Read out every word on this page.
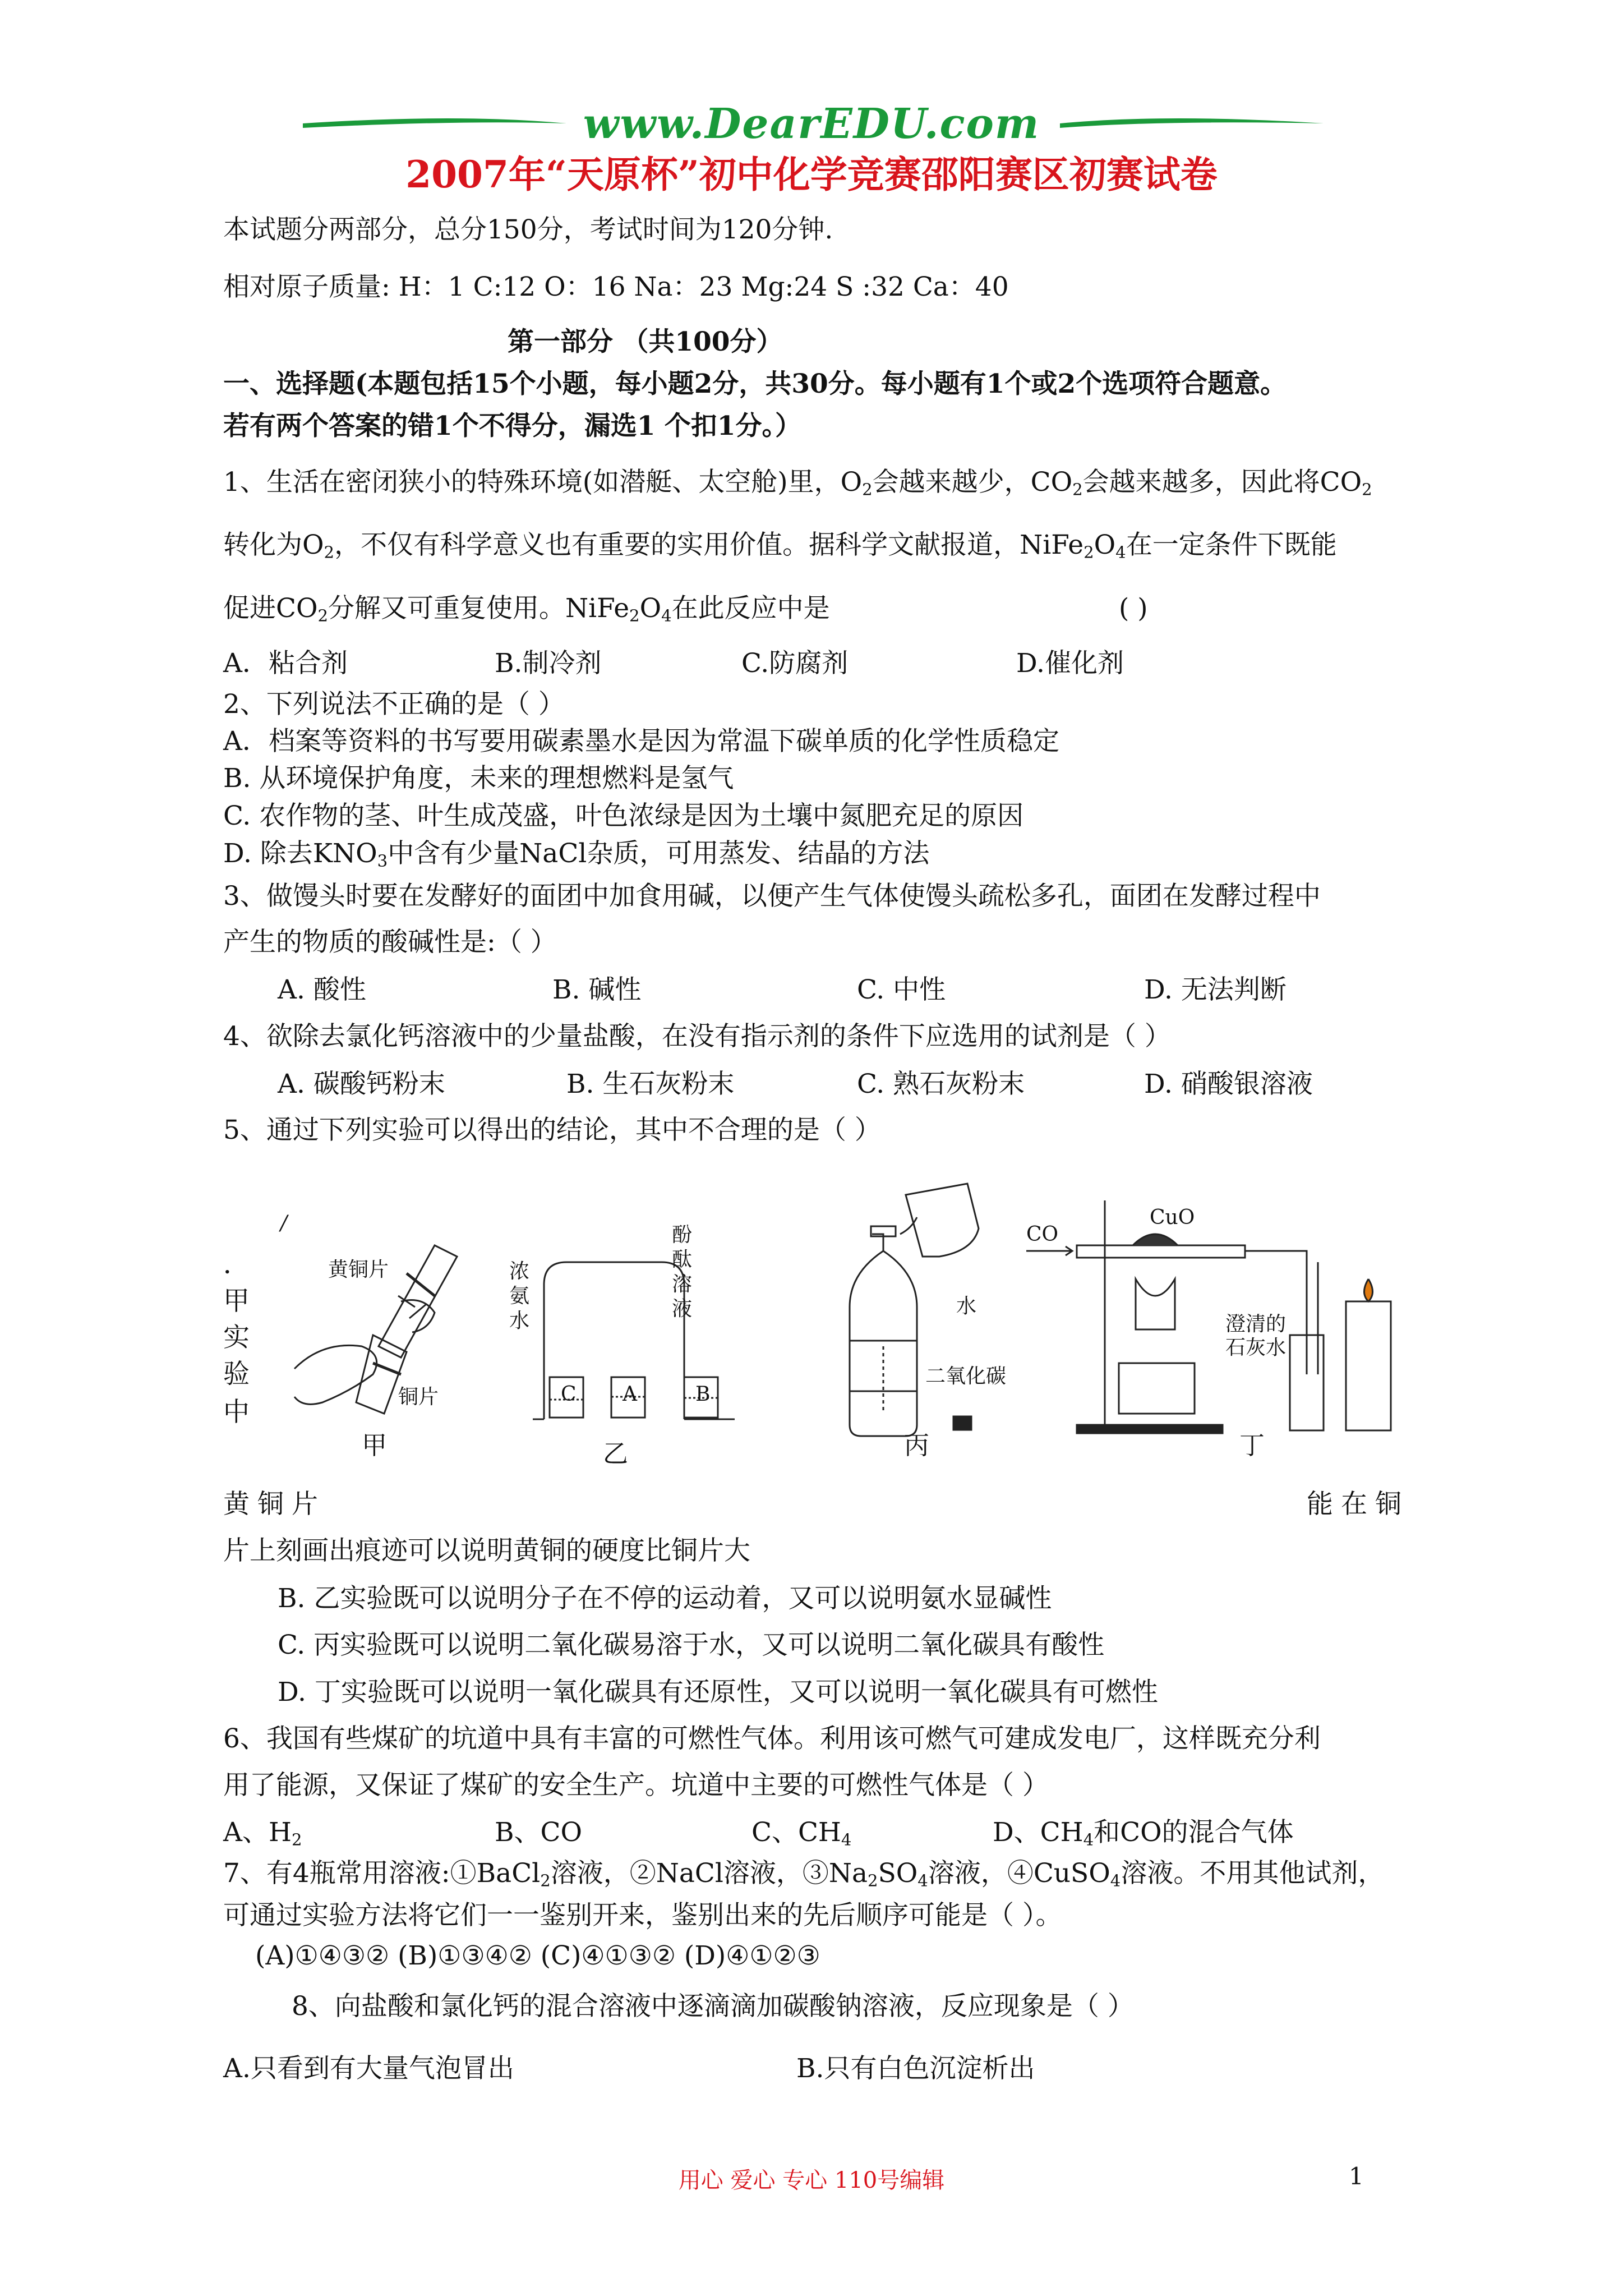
www.DearEDU.com
2007年“天原杯”初中化学竞赛邵阳赛区初赛试卷
本试题分两部分，总分150分，考试时间为120分钟.
相对原子质量: H：1 C:12 O：16 Na：23 Mg:24 S :32 Ca：40
第一部分 （共100分）
一、选择题(本题包括15个小题，每小题2分，共30分。每小题有1个或2个选项符合题意。
若有两个答案的错1个不得分，漏选1 个扣1分。）
1、生活在密闭狭小的特殊环境(如潜艇、太空舱)里，$O_2$会越来越少，$CO_2$会越来越多，因此将$CO_2$
转化为$O_2$，不仅有科学意义也有重要的实用价值。据科学文献报道，$NiFe_2O_4$在一定条件下既能
促进$CO_2$分解又可重复使用。$NiFe_2O_4$在此反应中是	( )
A．粘合剂	B.制冷剂	C.防腐剂	D.催化剂
2、下列说法不正确的是（ ）
A．档案等资料的书写要用碳素墨水是因为常温下碳单质的化学性质稳定
B. 从环境保护角度，未来的理想燃料是氢气
C. 农作物的茎、叶生成茂盛，叶色浓绿是因为土壤中氮肥充足的原因
D. 除去$KNO_3$中含有少量NaCl杂质，可用蒸发、结晶的方法
3、做馒头时要在发酵好的面团中加食用碱，以便产生气体使馒头疏松多孔，面团在发酵过程中
产生的物质的酸碱性是:（ ）
A. 酸性	B. 碱性	C. 中性	D. 无法判断
4、欲除去氯化钙溶液中的少量盐酸，在没有指示剂的条件下应选用的试剂是（ ）
A. 碳酸钙粉末	B. 生石灰粉末	C. 熟石灰粉末	D. 硝酸银溶液
5、通过下列实验可以得出的结论，其中不合理的是（ ）
/
．
甲
实
验
中
黄铜片
铜片
甲
浓氨水
酚酞溶液
C A	B
乙
水
二氧化碳
丙
CO
CuO
澄清的石灰水
丁
黄铜片	能在铜
片上刻画出痕迹可以说明黄铜的硬度比铜片大
B. 乙实验既可以说明分子在不停的运动着，又可以说明氨水显碱性
C. 丙实验既可以说明二氧化碳易溶于水，又可以说明二氧化碳具有酸性
D. 丁实验既可以说明一氧化碳具有还原性，又可以说明一氧化碳具有可燃性
6、我国有些煤矿的坑道中具有丰富的可燃性气体。利用该可燃气可建成发电厂，这样既充分利
用了能源，又保证了煤矿的安全生产。坑道中主要的可燃性气体是（ ）
A、$H_2$	B、CO	C、$CH_4$	D、$CH_4$和CO的混合气体
7、有4瓶常用溶液:①BaCl$_2$溶液，②NaCl溶液，$③Na_2SO_4$溶液，④CuSO$_4$溶液。不用其他试剂，
可通过实验方法将它们一一鉴别开来，鉴别出来的先后顺序可能是（ ）。
(A)①④③② (B)①③④② (C)④①③② (D)④①②③
8、向盐酸和氯化钙的混合溶液中逐滴滴加碳酸钠溶液，反应现象是（ ）
A.只看到有大量气泡冒出	B.只有白色沉淀析出
用心 爱心 专心 110号编辑	1
